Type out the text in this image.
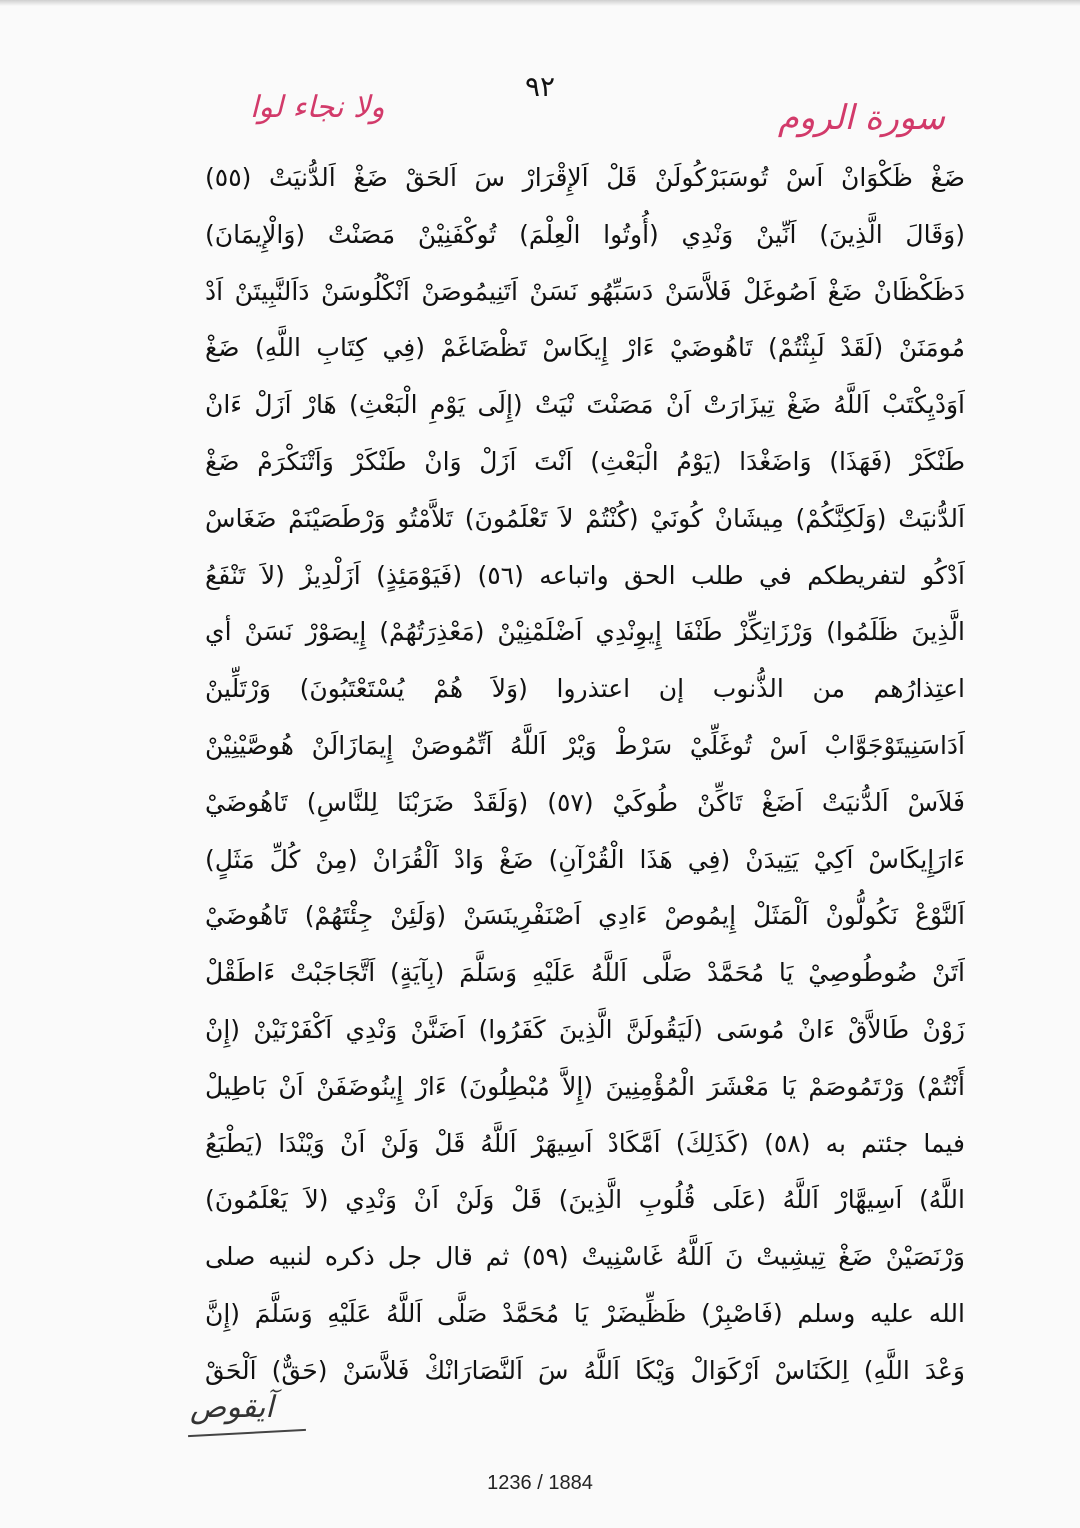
٩٢
سورة الروم
ولا نجاء لوا
ضَغْ ظَكْوَانْ اَسْ تُوسَبَرْكُولَنْ قَلْ اَلإِقْرَارْ سَ اَلحَقْ ضَغْ اَلدُّنيَتْ (٥٥)
(وَقَالَ الَّذِينَ) اَنِّينْ وَنْدِي (أُوتُوا الْعِلْمَ) تُوكْفَنِيْنْ مَصَنْتْ (وَالْإِيمَانَ)
دَظَكْظَانْ ضَغْ اَصُوغَلْ فَلاَّسَنْ دَسَبِّهُو نَسَنْ اَتَنِيمُوصَنْ اَنْكْلُوسَنْ دَاَلنَّبِيتَنْ اَدْ
مُومَنَنْ (لَقَدْ لَبِثْتُمْ) تَاهُوضَيْ ءَارْ إِيكَاسْ تَظْضَاغَمْ (فِي كِتَابِ اللَّهِ) ضَغْ
اَوَدْيِكْتَبْ اَللَّهُ ضَغْ تِيزَارَتْ اَنْ مَصَنْتَ نْيَتْ (إِلَى يَوْمِ الْبَعْثِ) هَارْ اَزَلْ ءَانْ
طَنْكَرْ (فَهَذَا) وَاضَغْدَا (يَوْمُ الْبَعْثِ) اَنْتَ اَزَلْ وَانْ طَنْكَرْ وَاَتْنَكْرَمْ ضَغْ
اَلدُّنيَتْ (وَلَكِنَّكُمْ) مِيشَانْ كُونَيْ (كُنْتُمْ لاَ تَعْلَمُونَ) تَلاَّمْتُو وَرْطَصَيْنَمْ ضَغَاسْ
اَدْكُو لتفريطكم في طلب الحق واتباعه (٥٦) (فَيَوْمَئِذٍ) اَزَلْدِيزْ (لاَ تَنْفَعُ
الَّذِينَ ظَلَمُوا) وَرْزَاتِكِّزْ طَنْفَا إِيوِنْدِي اَضْلَمْنِيْنْ (مَعْذِرَتُهُمْ) إِيصَوْرْ نَسَنْ أي
اعتِذارُهم من الذُّنوب إن اعتذروا (وَلاَ هُمْ يُسْتَعْتَبُونَ) وَرْتَلِّينْ
اَدَاسَنِيتَوْجَوَّابْ اَسْ تُوغَلِّيْ سَرْطْ وَيْرْ اَللَّهُ اَتِّمُوصَنْ إِيمَازَالَنْ هُوصَّيْنِيْنْ
فَلاَسْ اَلدُّنيَتْ اَضَغْ تَاكِّنْ طُوكَيْ (٥٧) (وَلَقَدْ ضَرَبْنَا لِلنَّاسِ) تَاهُوضَيْ
ءَارَإِيكَاسْ اَكِيْ يَتِيدَنْ (فِي هَذَا الْقُرْآنِ) ضَغْ وَادْ اَلْقُرَانْ (مِنْ كُلِّ مَثَلٍ)
اَلنَّوْعْ نَكُولُّونْ اَلْمَثَلْ إِيمُوصْ ءَادِي اَصْنَفْرِينَسَنْ (وَلَئِنْ جِئْتَهُمْ) تَاهُوضَيْ
اَتَنْ ضُوطُوصِيْ يَا مُحَمَّدْ صَلَّى اَللَّهُ عَلَيْهِ وَسَلَّمَ (بِآيَةٍ) اَتَّجَاجَبْتْ ءَاطَقْلْ
زَوْنْ طَالاَّقْ ءَانْ مُوسَى (لَيَقُولَنَّ الَّذِينَ كَفَرُوا) اَضَنَّنْ وَنْدِي اَكْفَرْنَيْنْ (إِنْ
أَنْتُمْ) وَرْتَمُوصَمْ يَا مَعْشَرَ الْمُؤْمِنِينَ (إِلاَّ مُبْطِلُونَ) ءَارْ إِينُوضَفَنْ اَنْ بَاطِيلْ
فيما جئتم به (٥٨) (كَذَلِكَ) اَمَّكَادْ اَسِيهَرْ اَللَّهُ قَلْ وَلَنْ اَنْ وَيْنْدَا (يَطْبَعُ
اللَّهُ) اَسِيهَّارْ اَللَّهُ (عَلَى قُلُوبِ الَّذِينَ) قَلْ وَلَنْ اَنْ وَنْدِي (لاَ يَعْلَمُونَ)
وَرْنَصَيْنْ ضَغْ تِيشِيتْ نَ اَللَّهُ غَاسْنِيتْ (٥٩) ثم قال جل ذكره لنبيه صلى
الله عليه وسلم (فَاصْبِرْ) ظَظِّيضَرْ يَا مُحَمَّدْ صَلَّى اَللَّهُ عَلَيْهِ وَسَلَّمَ (إِنَّ
وَعْدَ اللَّهِ) اِلكَنَاسْ اَرْكَوَالْ وَيْكَا اَللَّهُ سَ اَلنَّصَارَانْكْ فَلاَّسَنْ (حَقٌّ) اَلْحَقْ
آيقوص
1236 / 1884
